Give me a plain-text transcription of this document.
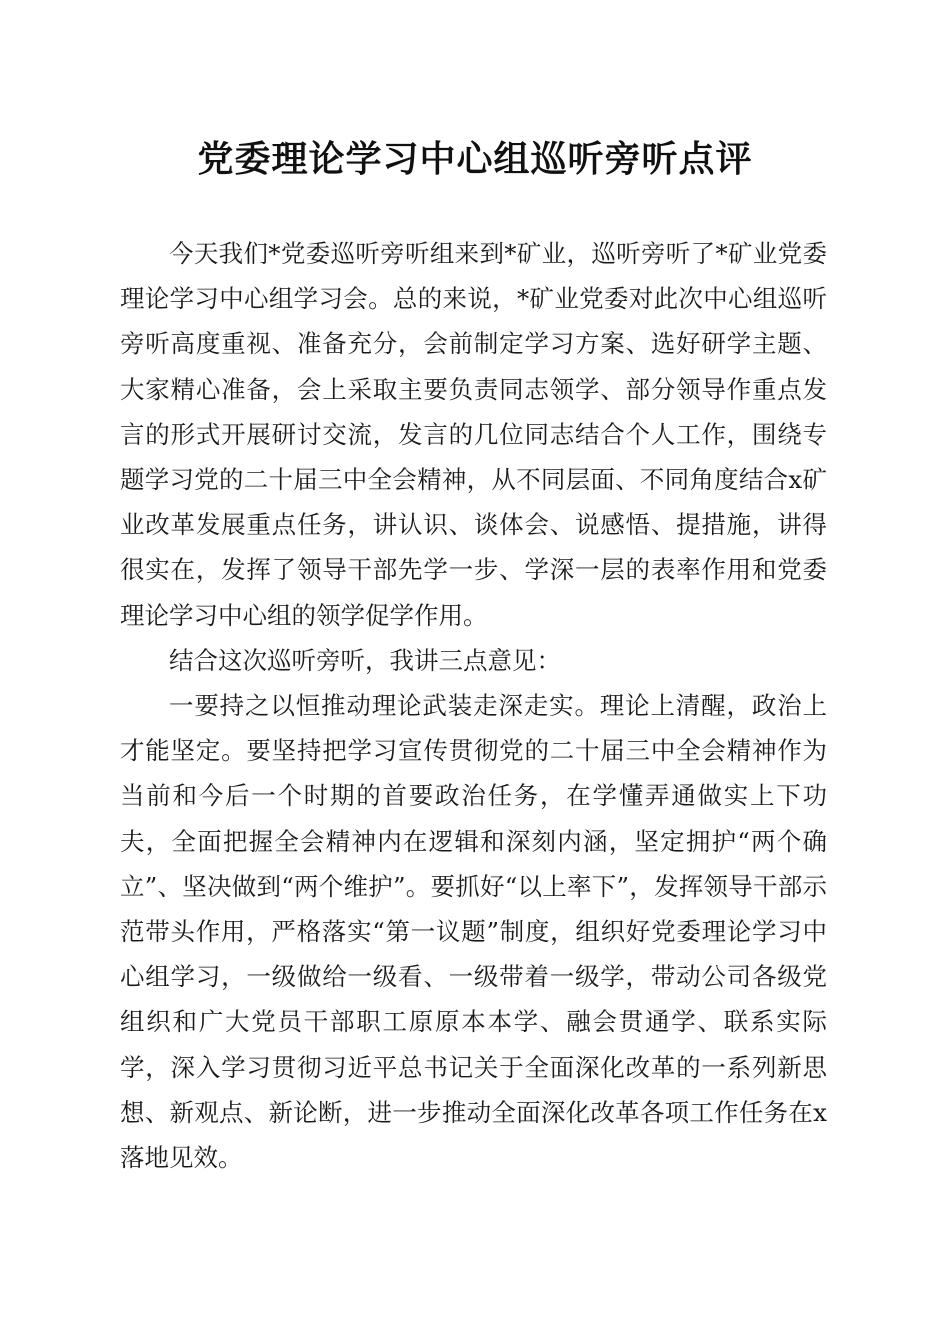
党委理论学习中心组巡听旁听点评

今天我们*党委巡听旁听组来到*矿业，巡听旁听了*矿业党委理论学习中心组学习会。总的来说，*矿业党委对此次中心组巡听旁听高度重视、准备充分，会前制定学习方案、选好研学主题、大家精心准备，会上采取主要负责同志领学、部分领导作重点发言的形式开展研讨交流，发言的几位同志结合个人工作，围绕专题学习党的二十届三中全会精神，从不同层面、不同角度结合x矿业改革发展重点任务，讲认识、谈体会、说感悟、提措施，讲得很实在，发挥了领导干部先学一步、学深一层的表率作用和党委理论学习中心组的领学促学作用。

结合这次巡听旁听，我讲三点意见：

一要持之以恒推动理论武装走深走实。理论上清醒，政治上才能坚定。要坚持把学习宣传贯彻党的二十届三中全会精神作为当前和今后一个时期的首要政治任务，在学懂弄通做实上下功夫，全面把握全会精神内在逻辑和深刻内涵，坚定拥护“两个确立”、坚决做到“两个维护”。要抓好“以上率下”，发挥领导干部示范带头作用，严格落实“第一议题”制度，组织好党委理论学习中心组学习，一级做给一级看、一级带着一级学，带动公司各级党组织和广大党员干部职工原原本本学、融会贯通学、联系实际学，深入学习贯彻习近平总书记关于全面深化改革的一系列新思想、新观点、新论断，进一步推动全面深化改革各项工作任务在x落地见效。
